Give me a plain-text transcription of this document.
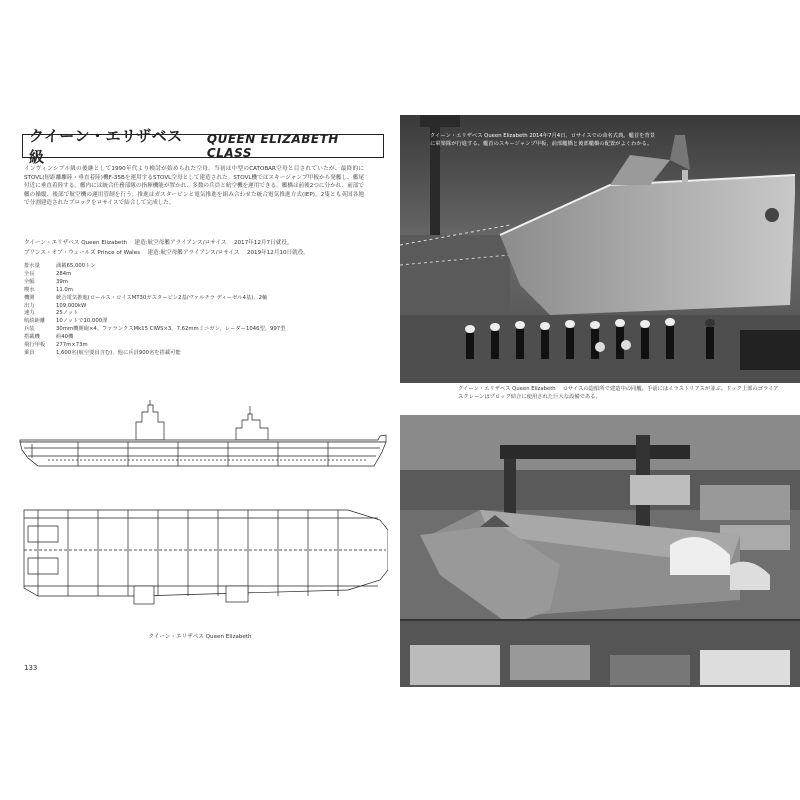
クイーン・エリザベス級
QUEEN ELIZABETH CLASS
インヴィンシブル級の後継として1990年代より検討が始められた空母。当初は中型のCATOBAR空母と目されていたが、最終的にSTOVL(短距離離陸・垂直着陸)機F-35Bを運用するSTOVL空母として建造された。STOVL機ではスキージャンプ甲板から発艦し、艦尾付近に垂直着陸する。艦内には統合任務部隊の指揮機能が置かれ、多数の兵員と航空機を運用できる。艦橋は前後2つに分かれ、前部で艦の操縦、後部で航空機の運用管制を行う。推進はガスタービンと電気推進を組み合わせた統合電気推進方式(IEP)。2隻とも英国各地で分割建造されたブロックをロサイスで結合して完成した。
クイーン・エリザベス Queen Elizabeth 　建造:航空母艦アライアンス/ロサイス 　2017年12月7日就役。
プリンス・オブ・ウェールズ Prince of Wales 　建造:航空母艦アライアンス/ロサイス 　2019年12月10日就役。
排水量	満載65,000トン
全長	284m
全幅	39m
喫水	11.0m
機関	統合電気推進(ロールス・ロイスMT30ガスタービン2基/ヴァルチラ ディーゼル4基)、2軸
出力	109,000kW
速力	25ノット
航続距離	10ノットで10,000浬
兵装	30mm機関砲×4、ファランクスMk15 CIWS×3、7.62mmミニガン、レーダー1046型、997型
搭載機	約40機
飛行甲板	277m×73m
乗員	1,600名(航空要員含む)、他に兵員900名を搭載可能
クイーン・エリザベス Queen Elizabeth
133
クイーン・エリザベス Queen Elizabeth 2014年7月4日、ロサイスでの命名式典。艦首を背景に軍楽隊が行進する。艦首のスキージャンプ甲板、前部艦橋と後部艦橋の配置がよくわかる。
クイーン・エリザベス Queen Elizabeth 　ロサイスの造船所で建造中の同艦。手前にはイラストリアスが並ぶ。ドック上部のゴライアスクレーンはブロック結合に使用された巨大な設備である。
